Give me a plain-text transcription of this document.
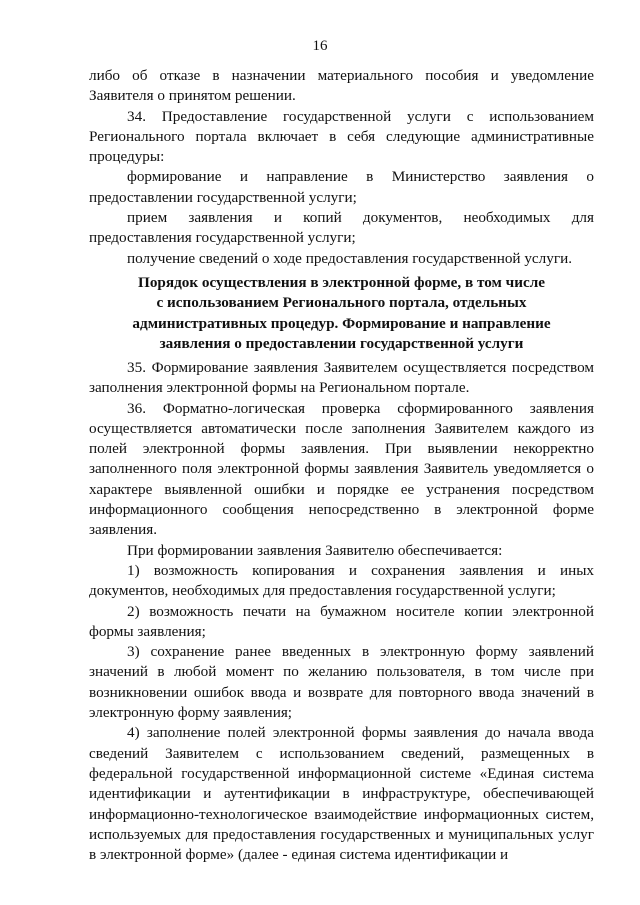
16

либо об отказе в назначении материального пособия и уведомление Заявителя о принятом решении.

34. Предоставление государственной услуги с использованием Регионального портала включает в себя следующие административные процедуры:

формирование и направление в Министерство заявления о предоставлении государственной услуги;

прием заявления и копий документов, необходимых для предоставления государственной услуги;

получение сведений о ходе предоставления государственной услуги.

Порядок осуществления в электронной форме, в том числе
с использованием Регионального портала, отдельных
административных процедур. Формирование и направление
заявления о предоставлении государственной услуги

35. Формирование заявления Заявителем осуществляется посредством заполнения электронной формы на Региональном портале.

36. Форматно-логическая проверка сформированного заявления осуществляется автоматически после заполнения Заявителем каждого из полей электронной формы заявления. При выявлении некорректно заполненного поля электронной формы заявления Заявитель уведомляется о характере выявленной ошибки и порядке ее устранения посредством информационного сообщения непосредственно в электронной форме заявления.

При формировании заявления Заявителю обеспечивается:

1) возможность копирования и сохранения заявления и иных документов, необходимых для предоставления государственной услуги;

2) возможность печати на бумажном носителе копии электронной формы заявления;

3) сохранение ранее введенных в электронную форму заявлений значений в любой момент по желанию пользователя, в том числе при возникновении ошибок ввода и возврате для повторного ввода значений в электронную форму заявления;

4) заполнение полей электронной формы заявления до начала ввода сведений Заявителем с использованием сведений, размещенных в федеральной государственной информационной системе «Единая система идентификации и аутентификации в инфраструктуре, обеспечивающей информационно-технологическое взаимодействие информационных систем, используемых для предоставления государственных и муниципальных услуг в электронной форме» (далее - единая система идентификации и
